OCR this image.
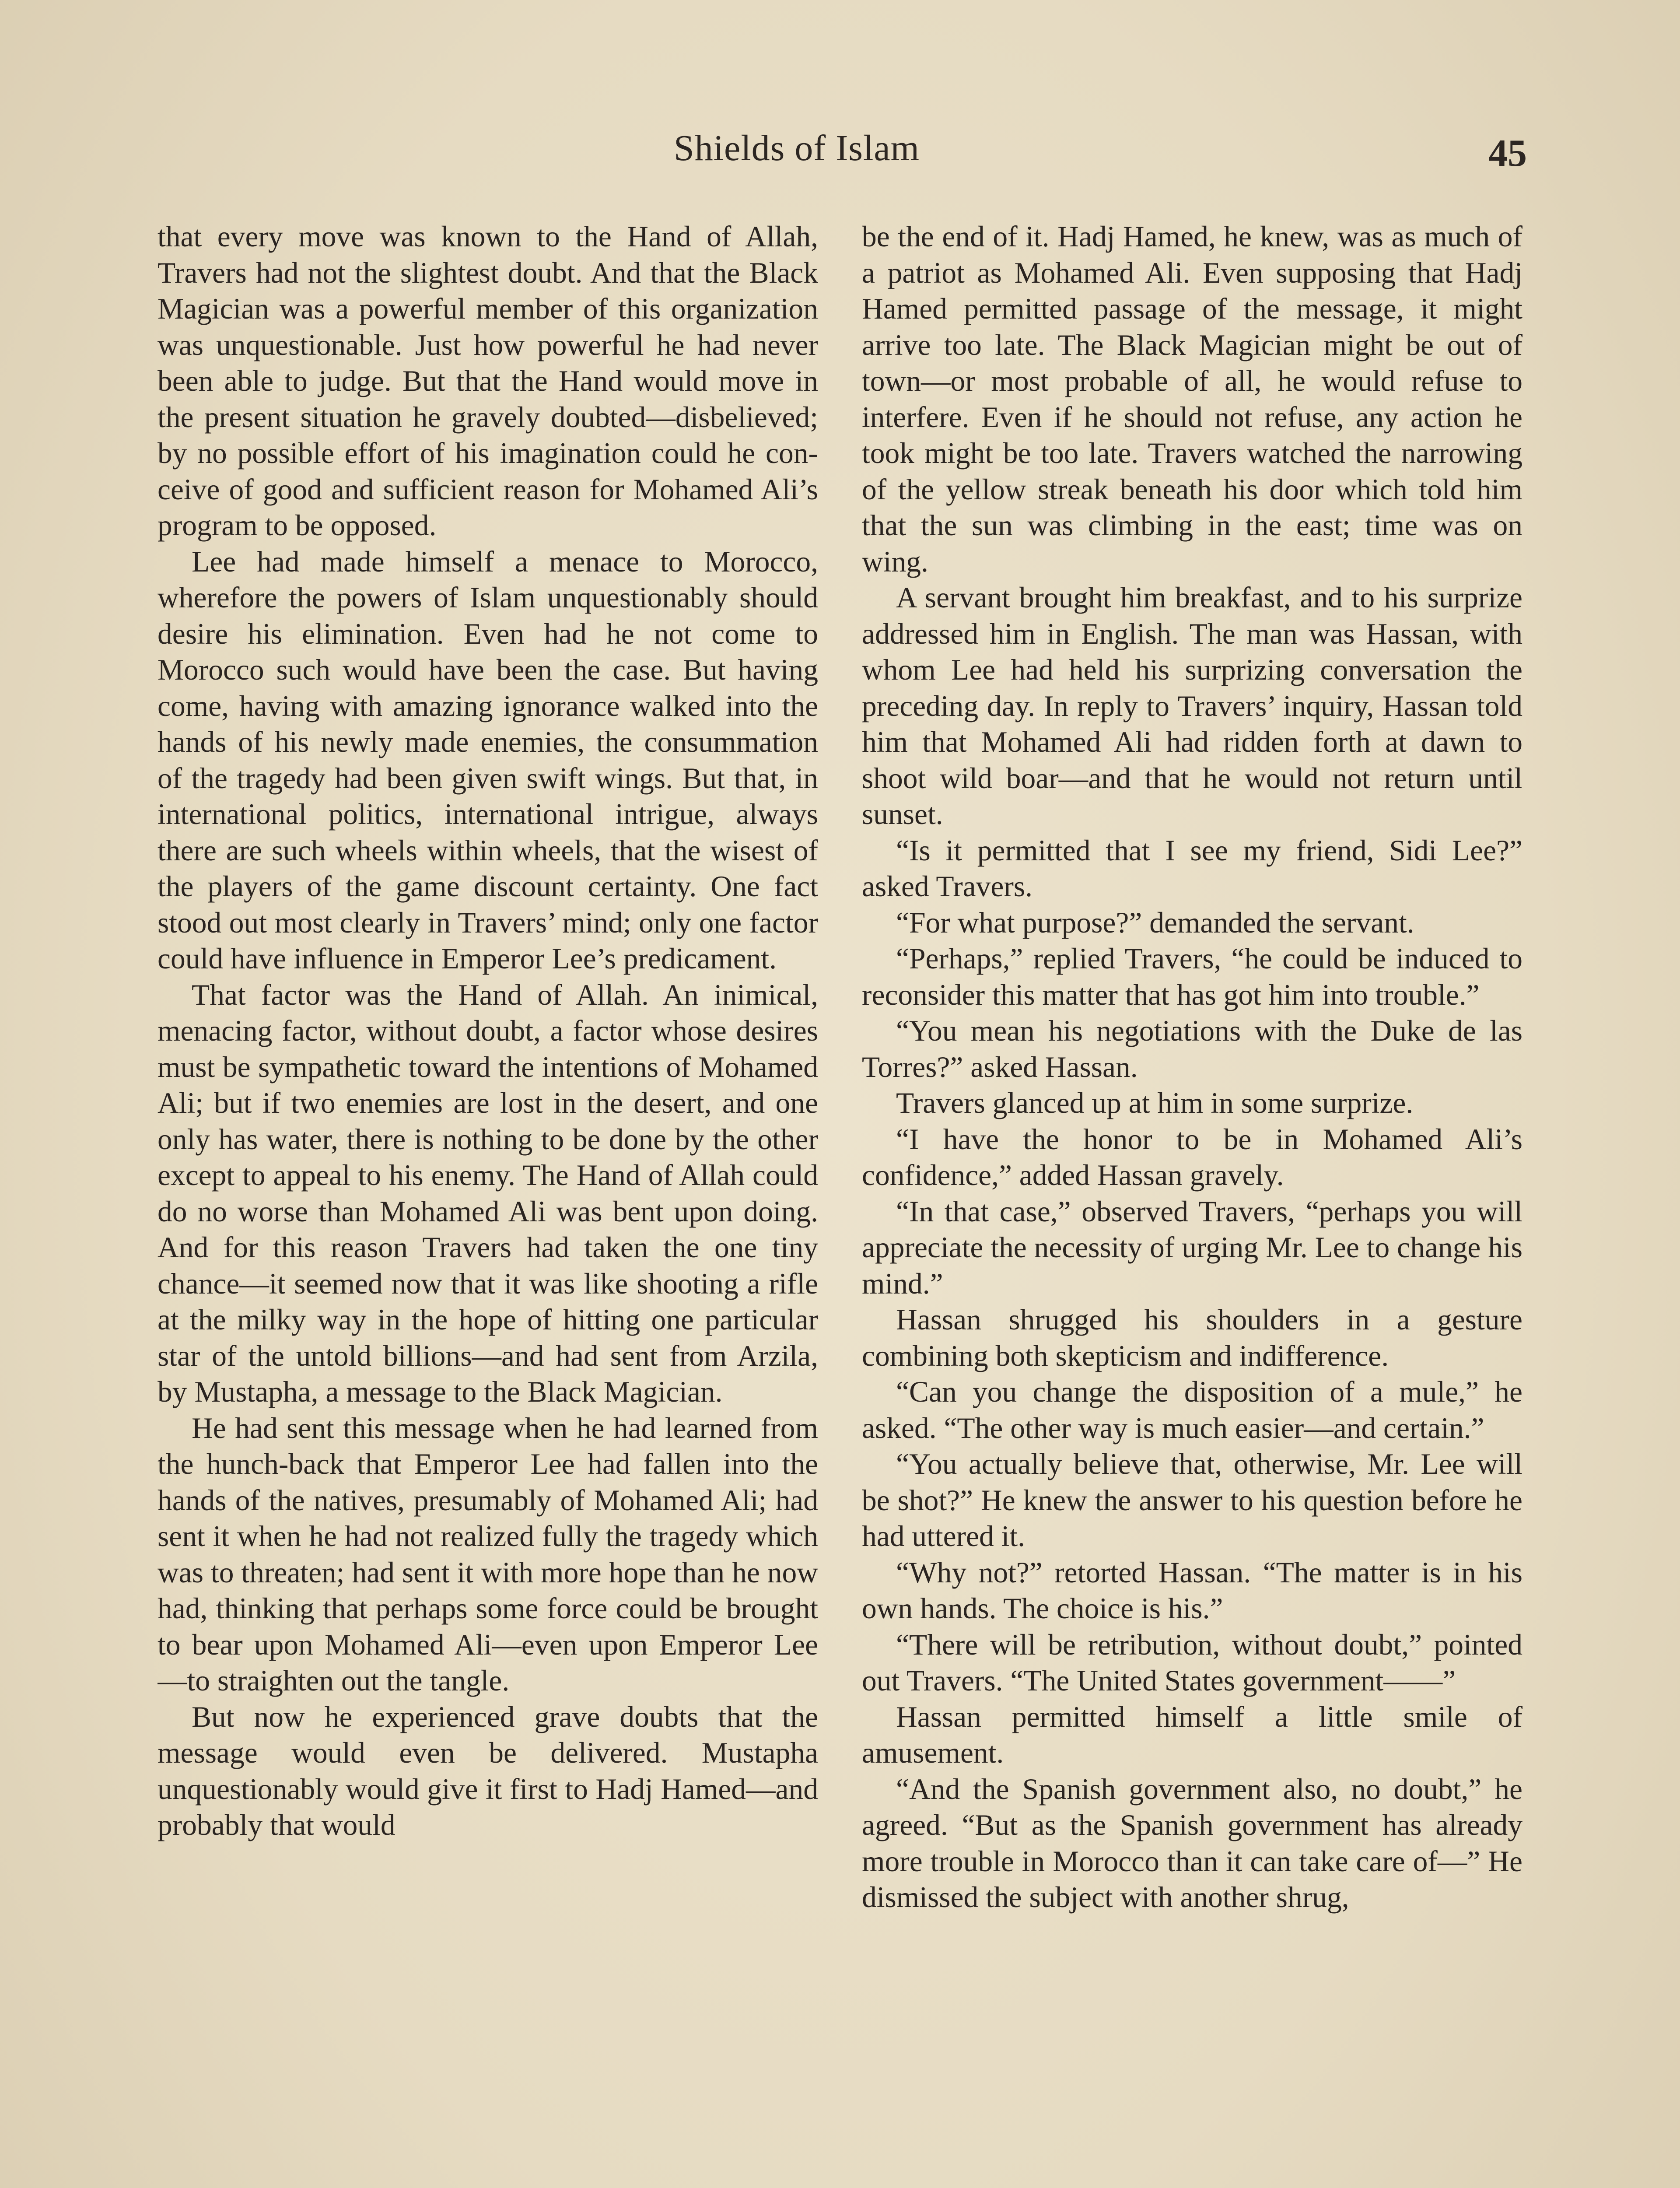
Shields of Islam	45

that every move was known to the Hand of Allah, Travers had not the slightest doubt. And that the Black Magician was a powerful member of this organization was unquestionable. Just how powerful he had never been able to judge. But that the Hand would move in the present situation he gravely doubted—disbelieved; by no possible effort of his imagination could he conceive of good and sufficient reason for Mohamed Ali’s program to be opposed.

Lee had made himself a menace to Morocco, wherefore the powers of Islam unquestionably should desire his elimination. Even had he not come to Morocco such would have been the case. But having come, having with amazing ignorance walked into the hands of his newly made enemies, the consummation of the tragedy had been given swift wings. But that, in international politics, international intrigue, always there are such wheels within wheels, that the wisest of the players of the game discount certainty. One fact stood out most clearly in Travers’ mind; only one factor could have influence in Emperor Lee’s predicament.

That factor was the Hand of Allah. An inimical, menacing factor, without doubt, a factor whose desires must be sympathetic toward the intentions of Mohamed Ali; but if two enemies are lost in the desert, and one only has water, there is nothing to be done by the other except to appeal to his enemy. The Hand of Allah could do no worse than Mohamed Ali was bent upon doing. And for this reason Travers had taken the one tiny chance—it seemed now that it was like shooting a rifle at the milky way in the hope of hitting one particular star of the untold billions—and had sent from Arzila, by Mustapha, a message to the Black Magician.

He had sent this message when he had learned from the hunch-back that Emperor Lee had fallen into the hands of the natives, presumably of Mohamed Ali; had sent it when he had not realized fully the tragedy which was to threaten; had sent it with more hope than he now had, thinking that perhaps some force could be brought to bear upon Mohamed Ali—even upon Emperor Lee—to straighten out the tangle.

But now he experienced grave doubts that the message would even be delivered. Mustapha unquestionably would give it first to Hadj Hamed—and probably that would

be the end of it. Hadj Hamed, he knew, was as much of a patriot as Mohamed Ali. Even supposing that Hadj Hamed permitted passage of the message, it might arrive too late. The Black Magician might be out of town—or most probable of all, he would refuse to interfere. Even if he should not refuse, any action he took might be too late. Travers watched the narrowing of the yellow streak beneath his door which told him that the sun was climbing in the east; time was on wing.

A servant brought him breakfast, and to his surprize addressed him in English. The man was Hassan, with whom Lee had held his surprizing conversation the preceding day. In reply to Travers’ inquiry, Hassan told him that Mohamed Ali had ridden forth at dawn to shoot wild boar—and that he would not return until sunset.

“Is it permitted that I see my friend, Sidi Lee?” asked Travers.

“For what purpose?” demanded the servant.

“Perhaps,” replied Travers, “he could be induced to reconsider this matter that has got him into trouble.”

“You mean his negotiations with the Duke de las Torres?” asked Hassan.

Travers glanced up at him in some surprize.

“I have the honor to be in Mohamed Ali’s confidence,” added Hassan gravely.

“In that case,” observed Travers, “perhaps you will appreciate the necessity of urging Mr. Lee to change his mind.”

Hassan shrugged his shoulders in a gesture combining both skepticism and indifference.

“Can you change the disposition of a mule,” he asked. “The other way is much easier—and certain.”

“You actually believe that, otherwise, Mr. Lee will be shot?” He knew the answer to his question before he had uttered it.

“Why not?” retorted Hassan. “The matter is in his own hands. The choice is his.”

“There will be retribution, without doubt,” pointed out Travers. “The United States government——”

Hassan permitted himself a little smile of amusement.

“And the Spanish government also, no doubt,” he agreed. “But as the Spanish government has already more trouble in Morocco than it can take care of—” He dismissed the subject with another shrug,
